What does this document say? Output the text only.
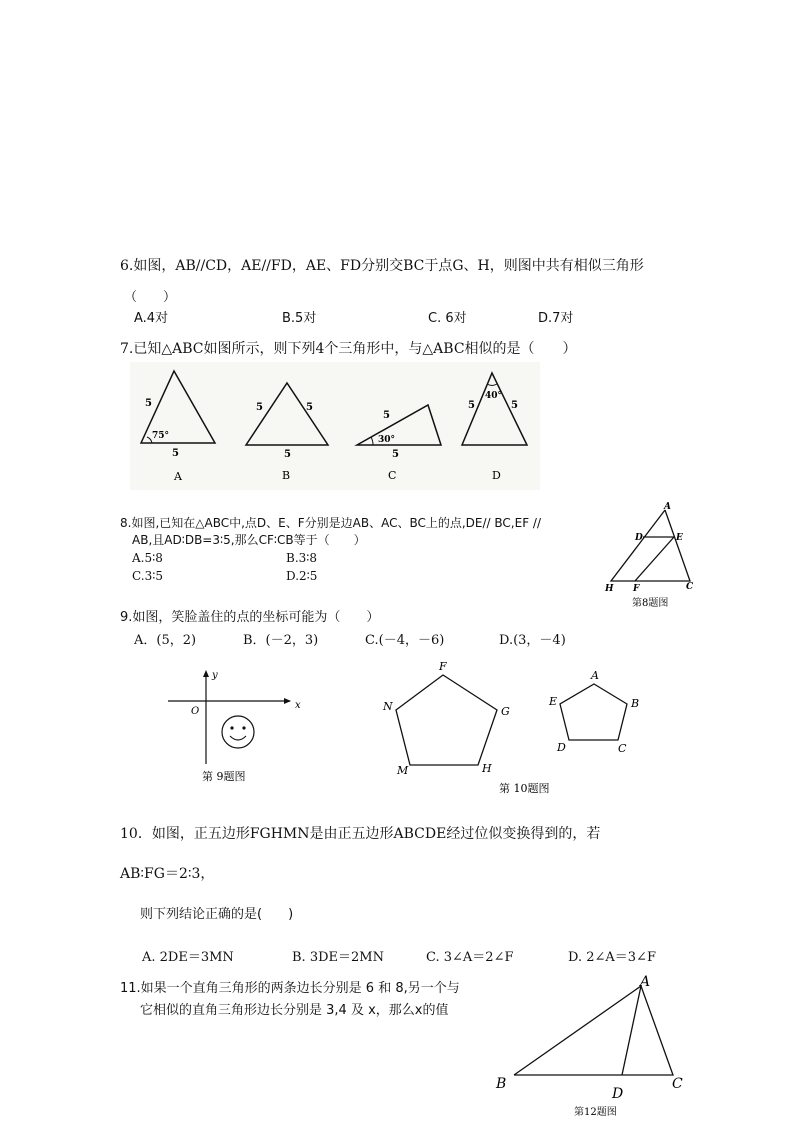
6.如图，AB//CD，AE//FD，AE、FD分别交BC于点G、H，则图中共有相似三角形
（　　）
A.4对	B.5对	C. 6对	D.7对
7.已知△ABC如图所示，则下列4个三角形中，与△ABC相似的是（　　）
5
5
75°
A
5	5
5
B
5
5
30°
C
5	5
40°
D
8.如图,已知在△ABC中,点D、E、F分别是边AB、AC、BC上的点,DE// BC,EF //
AB,且AD∶DB=3∶5,那么CF∶CB等于（　　）
A.5∶8	B.3∶8
C.3∶5	D.2∶5
A
D	E
H F	C
第8题图
9.如图，笑脸盖住的点的坐标可能为（　　）
A．(5，2)	B．(－2，3)	C.(－4，－6)	D.(3，－4)
y
x
O
第 9题图
F
G
H
M
N
A
B
C
D
E
第 10题图
10．如图，正五边形FGHMN是由正五边形ABCDE经过位似变换得到的，若
AB∶FG＝2∶3，
则下列结论正确的是(　　)
A. 2DE＝3MN	B. 3DE＝2MN	C. 3∠A＝2∠F	D. 2∠A＝3∠F
11.如果一个直角三角形的两条边长分别是 6 和 8,另一个与
它相似的直角三角形边长分别是 3,4 及 x，那么x的值
A
B	C
D
第12题图
